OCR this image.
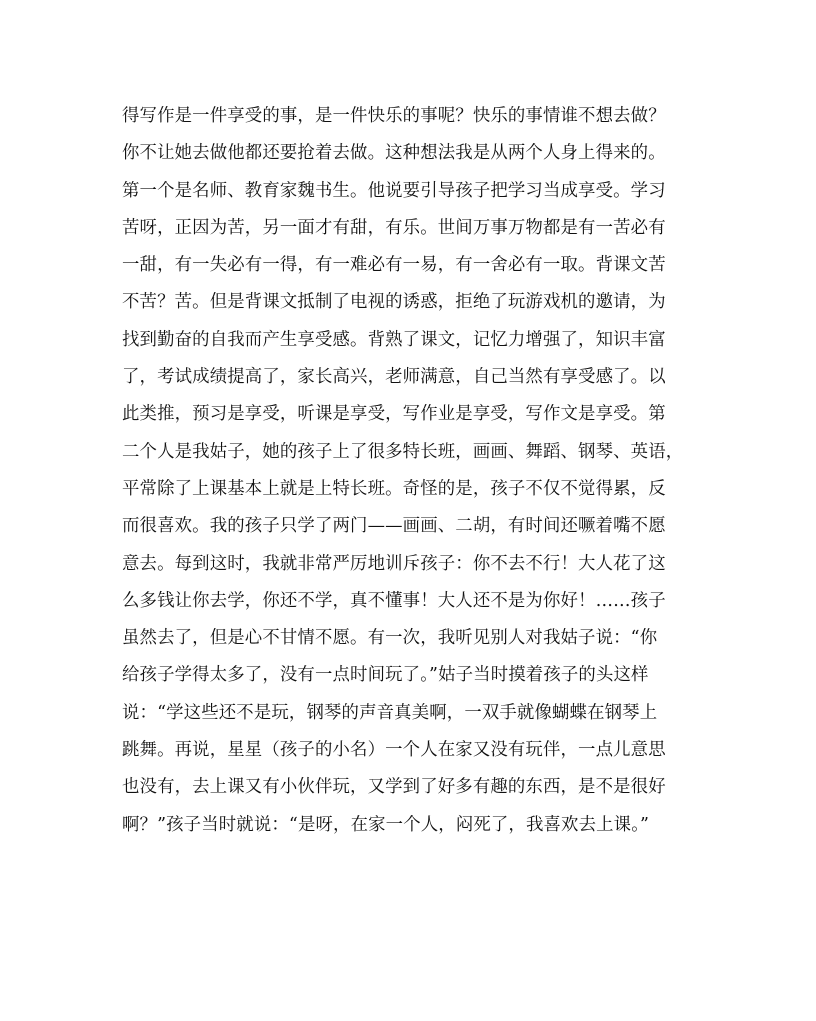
得写作是一件享受的事，是一件快乐的事呢？快乐的事情谁不想去做？
你不让她去做他都还要抢着去做。这种想法我是从两个人身上得来的。
第一个是名师、教育家魏书生。他说要引导孩子把学习当成享受。学习
苦呀，正因为苦，另一面才有甜，有乐。世间万事万物都是有一苦必有
一甜，有一失必有一得，有一难必有一易，有一舍必有一取。背课文苦
不苦？苦。但是背课文抵制了电视的诱惑，拒绝了玩游戏机的邀请，为
找到勤奋的自我而产生享受感。背熟了课文，记忆力增强了，知识丰富
了，考试成绩提高了，家长高兴，老师满意，自己当然有享受感了。以
此类推，预习是享受，听课是享受，写作业是享受，写作文是享受。第
二个人是我姑子，她的孩子上了很多特长班，画画、舞蹈、钢琴、英语，
平常除了上课基本上就是上特长班。奇怪的是，孩子不仅不觉得累，反
而很喜欢。我的孩子只学了两门——画画、二胡，有时间还噘着嘴不愿
意去。每到这时，我就非常严厉地训斥孩子：你不去不行！大人花了这
么多钱让你去学，你还不学，真不懂事！大人还不是为你好！……孩子
虽然去了，但是心不甘情不愿。有一次，我听见别人对我姑子说：“你
给孩子学得太多了，没有一点时间玩了。”姑子当时摸着孩子的头这样
说：“学这些还不是玩，钢琴的声音真美啊，一双手就像蝴蝶在钢琴上
跳舞。再说，星星（孩子的小名）一个人在家又没有玩伴，一点儿意思
也没有，去上课又有小伙伴玩，又学到了好多有趣的东西，是不是很好
啊？”孩子当时就说：“是呀，在家一个人，闷死了，我喜欢去上课。”
